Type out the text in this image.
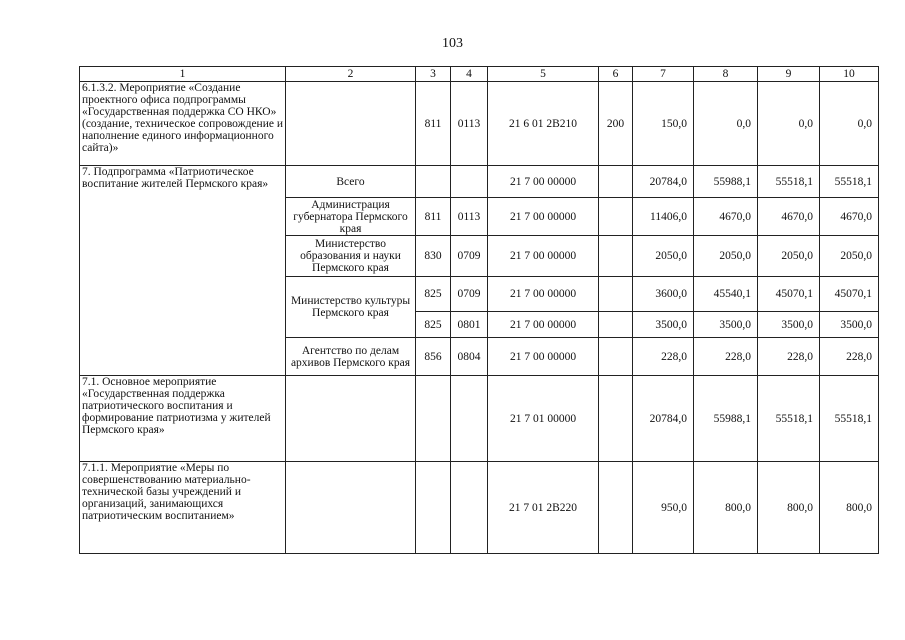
103
1	2	3	4	5	6	7	8	9	10
6.1.3.2. Мероприятие «Создание проектного офиса подпрограммы «Государственная поддержка СО НКО» (создание, техническое сопровождение и наполнение единого информационного сайта)»		811	0113	21 6 01 2В210	200	150,0	0,0	0,0	0,0
7. Подпрограмма «Патриотическое воспитание жителей Пермского края»	Всего			21 7 00 00000		20784,0	55988,1	55518,1	55518,1
	Администрация губернатора Пермского края	811	0113	21 7 00 00000		11406,0	4670,0	4670,0	4670,0
	Министерство образования и науки Пермского края	830	0709	21 7 00 00000		2050,0	2050,0	2050,0	2050,0
	Министерство культуры Пермского края	825	0709	21 7 00 00000		3600,0	45540,1	45070,1	45070,1
		825	0801	21 7 00 00000		3500,0	3500,0	3500,0	3500,0
	Агентство по делам архивов Пермского края	856	0804	21 7 00 00000		228,0	228,0	228,0	228,0
7.1. Основное мероприятие «Государственная поддержка патриотического воспитания и формирование патриотизма у жителей Пермского края»				21 7 01 00000		20784,0	55988,1	55518,1	55518,1
7.1.1. Мероприятие «Меры по совершенствованию материально-технической базы учреждений и организаций, занимающихся патриотическим воспитанием»				21 7 01 2В220		950,0	800,0	800,0	800,0
